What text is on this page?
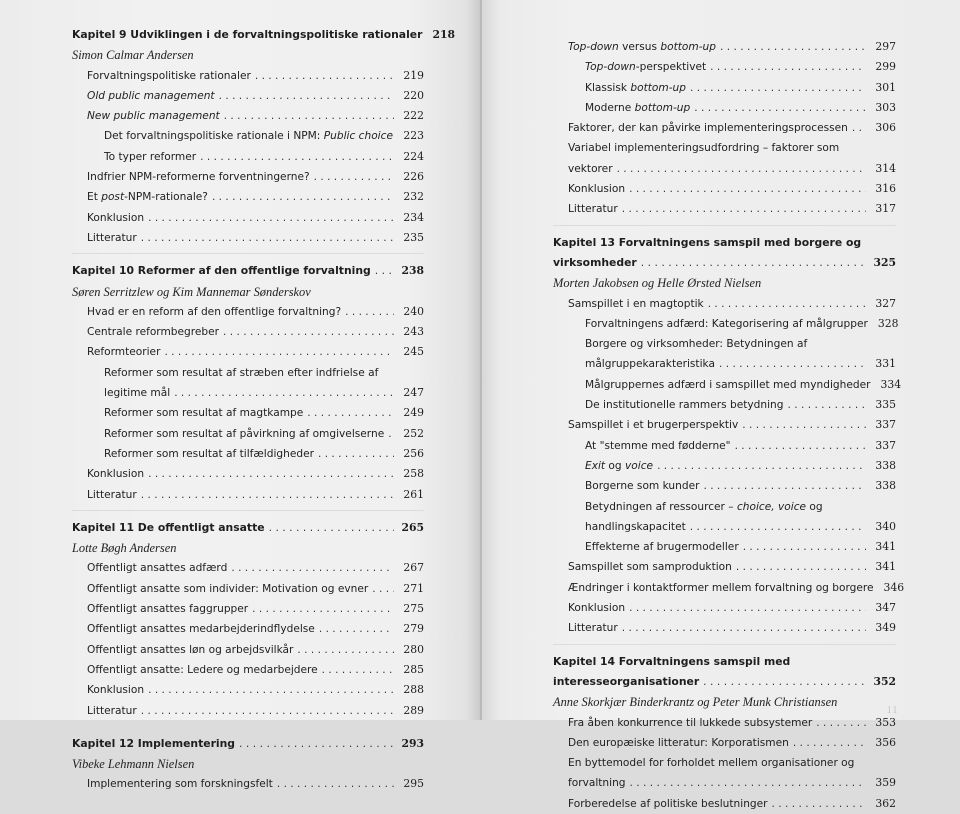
Kapitel 9 Udviklingen i de forvaltningspolitiske rationaler 218
Simon Calmar Andersen
Forvaltningspolitiske rationaler . . .	219
Old public management . . .	220
New public management . . .	222
Det forvaltningspolitiske rationale i NPM: Public choice 223
To typer reformer . . .	224
Indfrier NPM-reformerne forventningerne? . . .	226
Et post-NPM-rationale? . . .	232
Konklusion . . .	234
Litteratur . . .	235
Kapitel 10 Reformer af den offentlige forvaltning . . .	238
Søren Serritzlew og Kim Mannemar Sønderskov
Hvad er en reform af den offentlige forvaltning? . . .	240
Centrale reformbegreber . . .	243
Reformteorier . . .	245
Reformer som resultat af stræben efter indfrielse af
legitime mål . . .	247
Reformer som resultat af magtkampe . . .	249
Reformer som resultat af påvirkning af omgivelserne . . .	252
Reformer som resultat af tilfældigheder . . .	256
Konklusion . . .	258
Litteratur . . .	261
Kapitel 11 De offentligt ansatte . . .	265
Lotte Bøgh Andersen
Offentligt ansattes adfærd . . .	267
Offentligt ansatte som individer: Motivation og evner . . .	271
Offentligt ansattes faggrupper . . .	275
Offentligt ansattes medarbejderindflydelse . . .	279
Offentligt ansattes løn og arbejdsvilkår . . .	280
Offentligt ansatte: Ledere og medarbejdere . . .	285
Konklusion . . .	288
Litteratur . . .	289
Kapitel 12 Implementering . . .	293
Vibeke Lehmann Nielsen
Implementering som forskningsfelt . . .	295
Top-down versus bottom-up . . .	297
Top-down-perspektivet . . .	299
Klassisk bottom-up . . .	301
Moderne bottom-up . . .	303
Faktorer, der kan påvirke implementeringsprocessen . . .	306
Variabel implementeringsudfordring – faktorer som
vektorer . . .	314
Konklusion . . .	316
Litteratur . . .	317
Kapitel 13 Forvaltningens samspil med borgere og
virksomheder . . .	325
Morten Jakobsen og Helle Ørsted Nielsen
Samspillet i en magtoptik . . .	327
Forvaltningens adfærd: Kategorisering af målgrupper 328
Borgere og virksomheder: Betydningen af
målgruppekarakteristika . . .	331
Målgruppernes adfærd i samspillet med myndigheder 334
De institutionelle rammers betydning . . .	335
Samspillet i et brugerperspektiv . . .	337
At "stemme med fødderne" . . .	337
Exit og voice . . .	338
Borgerne som kunder . . .	338
Betydningen af ressourcer – choice, voice og
handlingskapacitet . . .	340
Effekterne af brugermodeller . . .	341
Samspillet som samproduktion . . .	341
Ændringer i kontaktformer mellem forvaltning og borgere 346
Konklusion . . .	347
Litteratur . . .	349
Kapitel 14 Forvaltningens samspil med
interesseorganisationer . . .	352
Anne Skorkjær Binderkrantz og Peter Munk Christiansen
Fra åben konkurrence til lukkede subsystemer . . .	353
Den europæiske litteratur: Korporatismen . . .	356
En byttemodel for forholdet mellem organisationer og
forvaltning . . .	359
Forberedelse af politiske beslutninger . . .	362
11
